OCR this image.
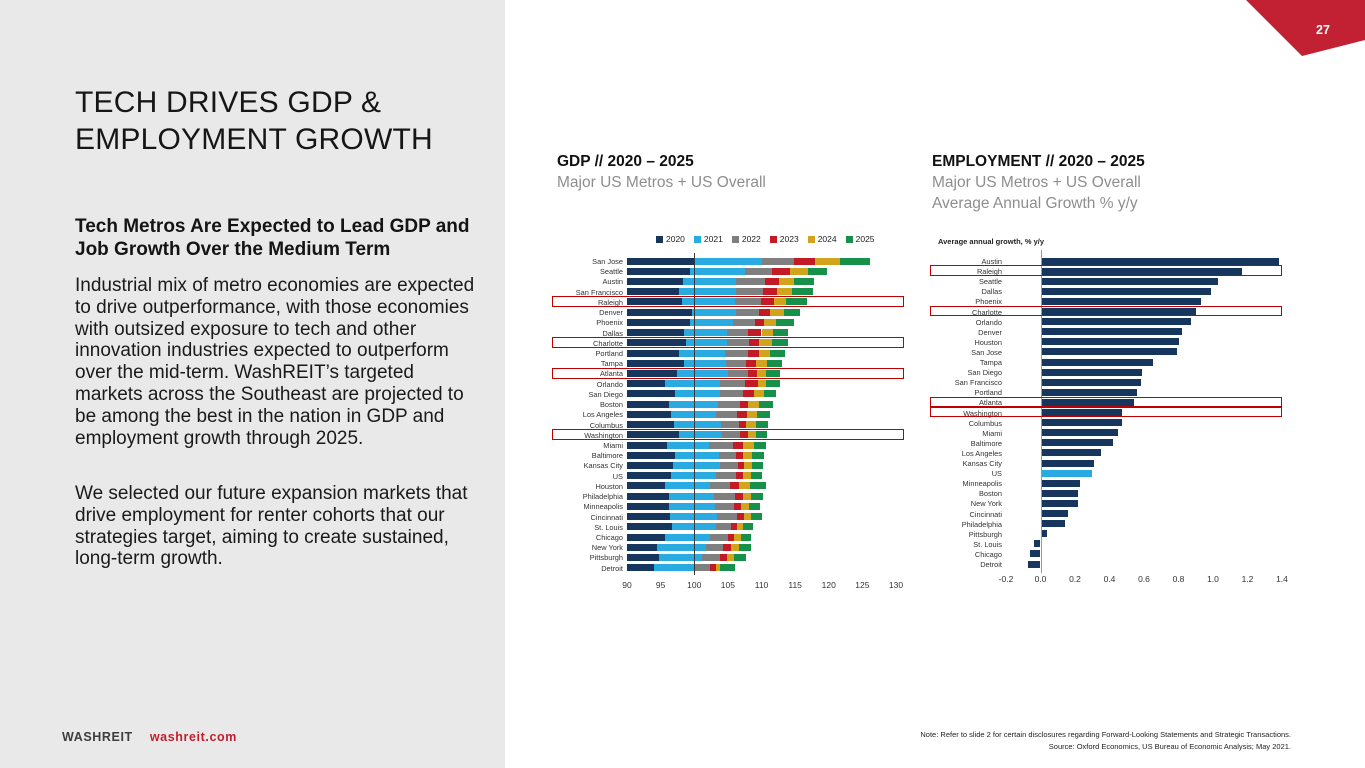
TECH DRIVES GDP &
EMPLOYMENT GROWTH
Tech Metros Are Expected to Lead GDP and Job Growth Over the Medium Term
Industrial mix of metro economies are expected to drive outperformance, with those economies with outsized exposure to tech and other innovation industries expected to outperform over the mid-term. WashREIT’s targeted markets across the Southeast are projected to be among the best in the nation in GDP and employment growth through 2025.
We selected our future expansion markets that drive employment for renter cohorts that our strategies target, aiming to create sustained, long-term growth.
WASHREIT washreit.com
27
GDP // 2020 – 2025
Major US Metros + US Overall
EMPLOYMENT // 2020 – 2025
Major US Metros + US Overall
Average Annual Growth % y/y
2020 2021 2022 2023 2024 2025
San Jose
Seattle
Austin
San Francisco
Raleigh
Denver
Phoenix
Dallas
Charlotte
Portland
Tampa
Atlanta
Orlando
San Diego
Boston
Los Angeles
Columbus
Washington
Miami
Baltimore
Kansas City
US
Houston
Philadelphia
Minneapolis
Cincinnati
St. Louis
Chicago
New York
Pittsburgh
Detroit
90	95	100	105	110	115	120	125	130
Average annual growth, % y/y
Austin
Raleigh
Seattle
Dallas
Phoenix
Charlotte
Orlando
Denver
Houston
San Jose
Tampa
San Diego
San Francisco
Portland
Atlanta
Washington
Columbus
Miami
Baltimore
Los Angeles
Kansas City
US
Minneapolis
Boston
New York
Cincinnati
Philadelphia
Pittsburgh
St. Louis
Chicago
Detroit
-0.2	0.0	0.2	0.4	0.6	0.8	1.0	1.2	1.4
Note: Refer to slide 2 for certain disclosures regarding Forward-Looking Statements and Strategic Transactions.
Source: Oxford Economics, US Bureau of Economic Analysis; May 2021.
